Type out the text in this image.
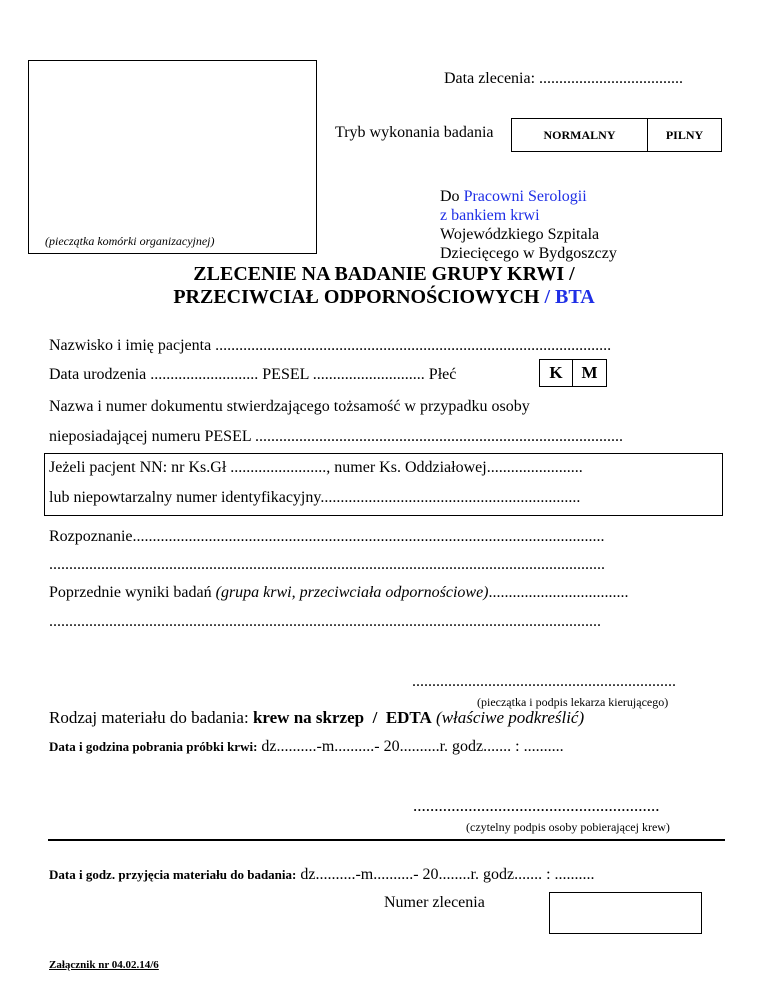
(pieczątka komórki organizacyjnej)
Data zlecenia: ....................................
Tryb wykonania badania	NORMALNY	PILNY
Do Pracowni Serologii
z bankiem krwi
Wojewódzkiego Szpitala
Dziecięcego w Bydgoszczy
ZLECENIE NA BADANIE GRUPY KRWI /
PRZECIWCIAŁ ODPORNOŚCIOWYCH / BTA
Nazwisko i imię pacjenta ...................................................................................................
Data urodzenia ........................... PESEL ............................ Płeć	K	M
Nazwa i numer dokumentu stwierdzającego tożsamość w przypadku osoby
nieposiadającej numeru PESEL ............................................................................................
Jeżeli pacjent NN: nr Ks.Gł ........................, numer Ks. Oddziałowej........................
lub niepowtarzalny numer identyfikacyjny.................................................................
Rozpoznanie......................................................................................................................
...........................................................................................................................................
Poprzednie wyniki badań (grupa krwi, przeciwciała odpornościowe)...................................
..........................................................................................................................................
..................................................................
(pieczątka i podpis lekarza kierującego)
Rodzaj materiału do badania: krew na skrzep / EDTA (właściwe podkreślić)
Data i godzina pobrania próbki krwi: dz..........-m..........- 20..........r. godz....... : ..........
..........................................................
(czytelny podpis osoby pobierającej krew)
Data i godz. przyjęcia materiału do badania: dz..........-m..........- 20........r. godz....... : ..........
Numer zlecenia
Załącznik nr 04.02.14/6
